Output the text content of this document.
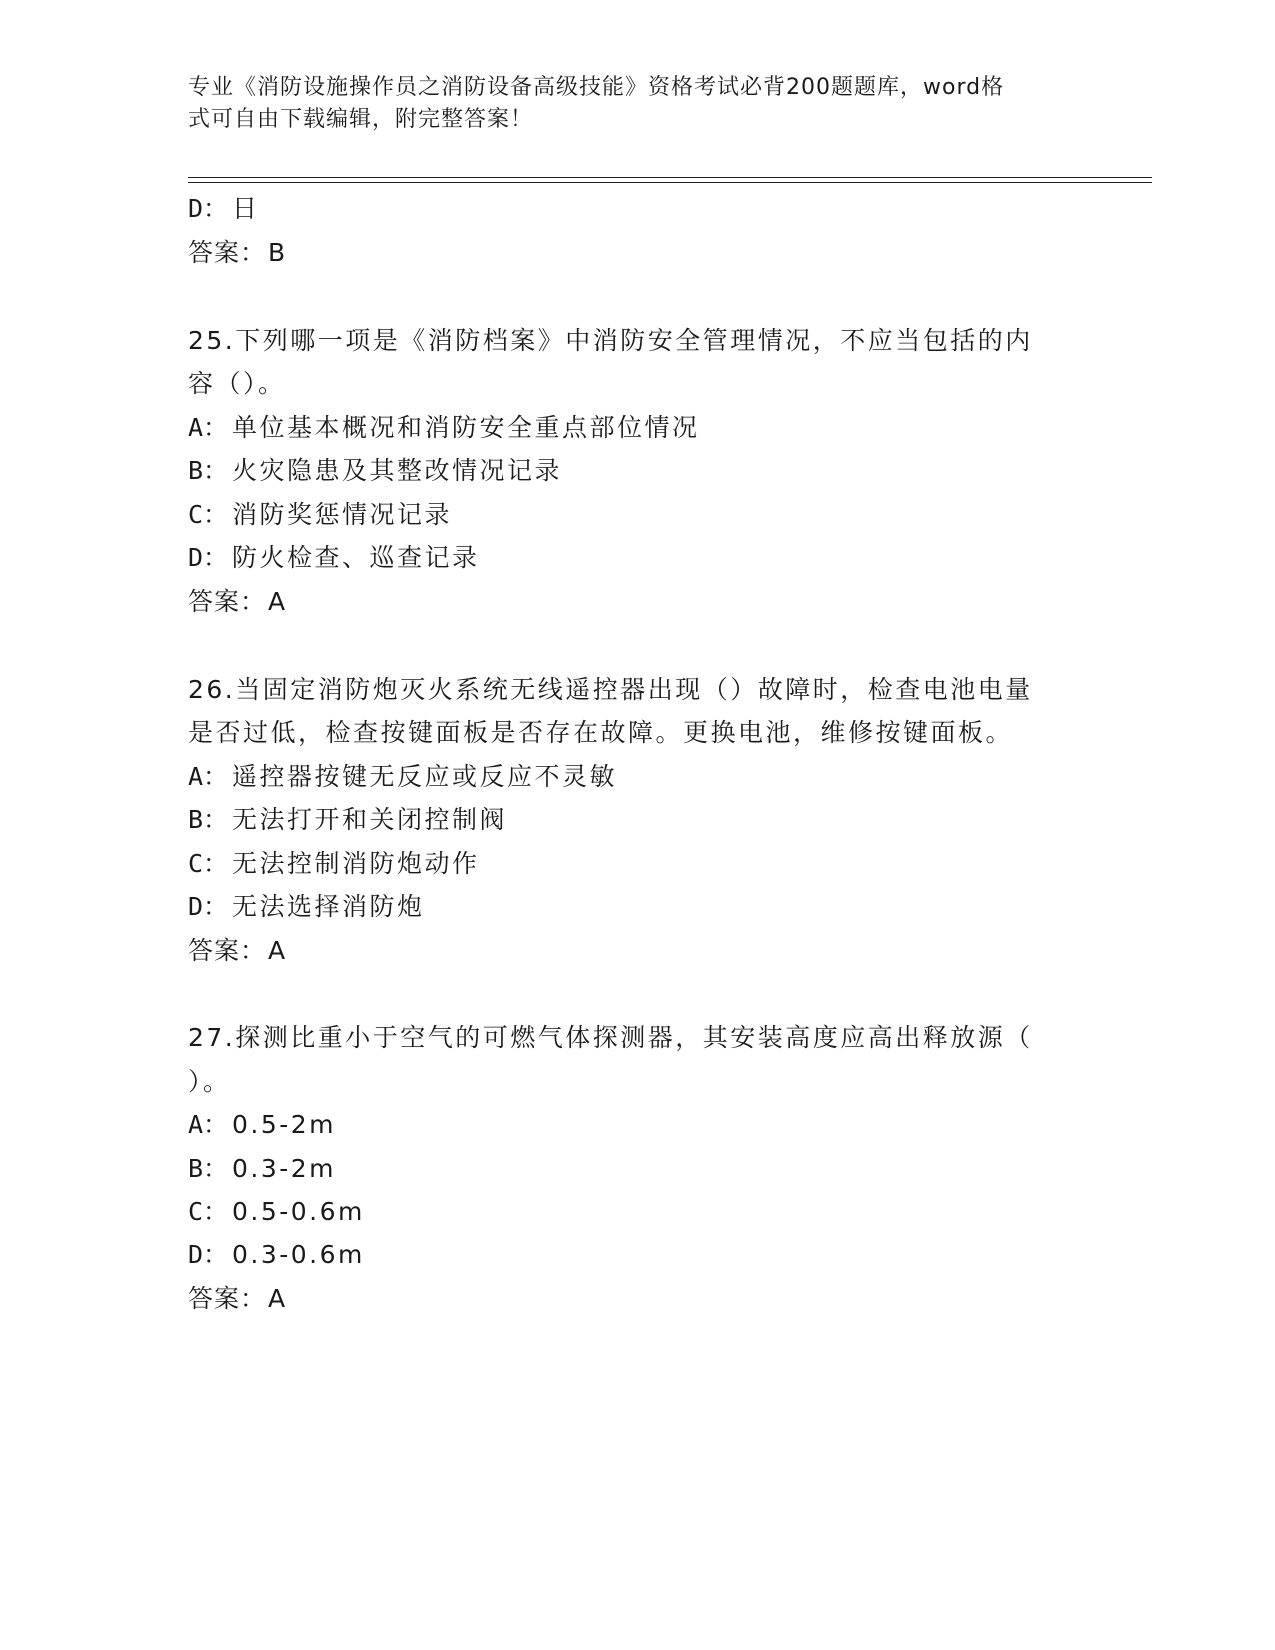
专业《消防设施操作员之消防设备高级技能》资格考试必背200题题库，word格
式可自由下载编辑，附完整答案！
D： 日
答案：B
25.下列哪一项是《消防档案》中消防安全管理情况，不应当包括的内
容（）。
A： 单位基本概况和消防安全重点部位情况
B： 火灾隐患及其整改情况记录
C： 消防奖惩情况记录
D： 防火检查、巡查记录
答案：A
26.当固定消防炮灭火系统无线遥控器出现（）故障时，检查电池电量
是否过低，检查按键面板是否存在故障。更换电池，维修按键面板。
A： 遥控器按键无反应或反应不灵敏
B： 无法打开和关闭控制阀
C： 无法控制消防炮动作
D： 无法选择消防炮
答案：A
27.探测比重小于空气的可燃气体探测器，其安装高度应高出释放源（
）。
A： 0.5-2m
B： 0.3-2m
C： 0.5-0.6m
D： 0.3-0.6m
答案：A
